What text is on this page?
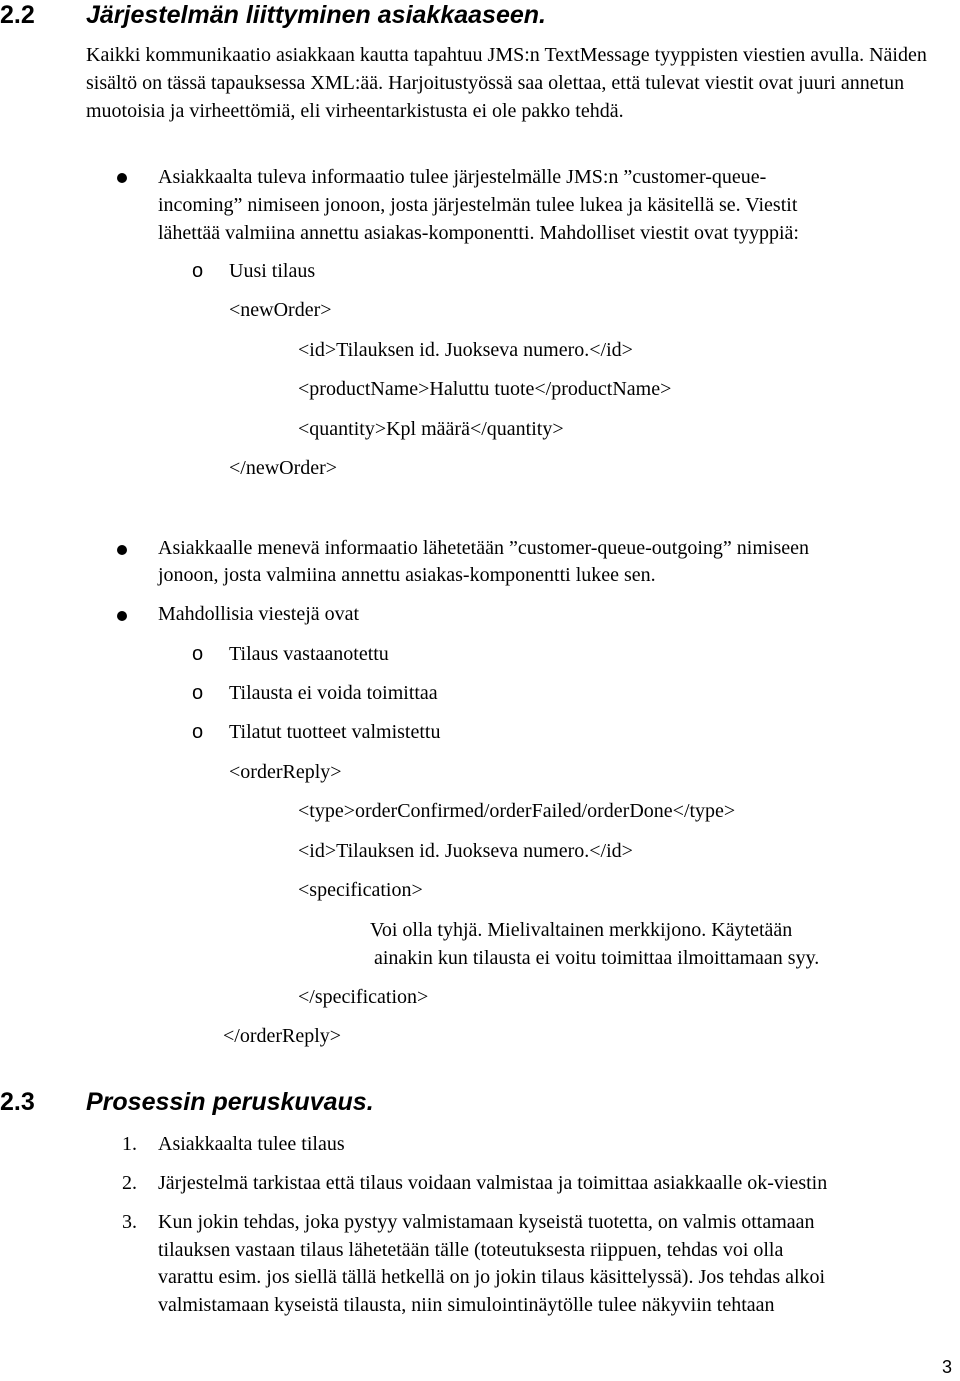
2.2 Järjestelmän liittyminen asiakkaaseen.
Kaikki kommunikaatio asiakkaan kautta tapahtuu JMS:n TextMessage tyyppisten viestien avulla. Näiden sisältö on tässä tapauksessa XML:ää. Harjoitustyössä saa olettaa, että tulevat viestit ovat juuri annetun muotoisia ja virheettömiä, eli virheentarkistusta ei ole pakko tehdä.
Asiakkaalta tuleva informaatio tulee järjestelmälle JMS:n ”customer-queue-
incoming” nimiseen jonoon, josta järjestelmän tulee lukea ja käsitellä se. Viestit
lähettää valmiina annettu asiakas-komponentti. Mahdolliset viestit ovat tyyppiä:
o Uusi tilaus
<newOrder>
<id>Tilauksen id. Juokseva numero.</id>
<productName>Haluttu tuote</productName>
<quantity>Kpl määrä</quantity>
</newOrder>
Asiakkaalle menevä informaatio lähetetään ”customer-queue-outgoing” nimiseen
jonoon, josta valmiina annettu asiakas-komponentti lukee sen.
Mahdollisia viestejä ovat
o Tilaus vastaanotettu
o Tilausta ei voida toimittaa
o Tilatut tuotteet valmistettu
<orderReply>
<type>orderConfirmed/orderFailed/orderDone</type>
<id>Tilauksen id. Juokseva numero.</id>
<specification>
Voi olla tyhjä. Mielivaltainen merkkijono. Käytetään
ainakin kun tilausta ei voitu toimittaa ilmoittamaan syy.
</specification>
</orderReply>
2.3 Prosessin peruskuvaus.
1. Asiakkaalta tulee tilaus
2. Järjestelmä tarkistaa että tilaus voidaan valmistaa ja toimittaa asiakkaalle ok-viestin
3. Kun jokin tehdas, joka pystyy valmistamaan kyseistä tuotetta, on valmis ottamaan
tilauksen vastaan tilaus lähetetään tälle (toteutuksesta riippuen, tehdas voi olla
varattu esim. jos siellä tällä hetkellä on jo jokin tilaus käsittelyssä). Jos tehdas alkoi
valmistamaan kyseistä tilausta, niin simulointinäytölle tulee näkyviin tehtaan
3
